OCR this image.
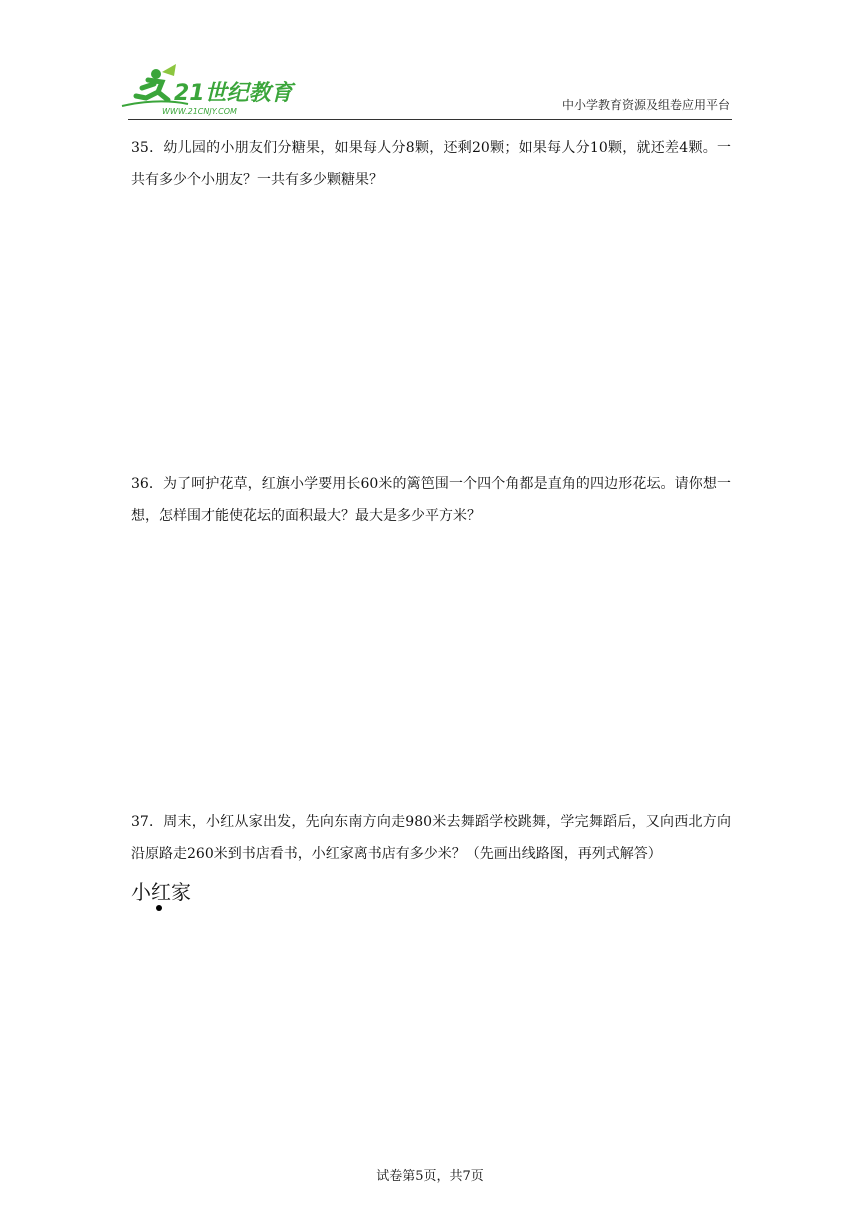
21世纪教育
WWW.21CNJY.COM	中小学教育资源及组卷应用平台
35．幼儿园的小朋友们分糖果，如果每人分8颗，还剩20颗；如果每人分10颗，就还差4颗。一共有多少个小朋友？一共有多少颗糖果？
36．为了呵护花草，红旗小学要用长60米的篱笆围一个四个角都是直角的四边形花坛。请你想一想，怎样围才能使花坛的面积最大？最大是多少平方米？
37．周末，小红从家出发，先向东南方向走980米去舞蹈学校跳舞，学完舞蹈后，又向西北方向沿原路走260米到书店看书，小红家离书店有多少米？（先画出线路图，再列式解答）
小红家
试卷第5页，共7页
